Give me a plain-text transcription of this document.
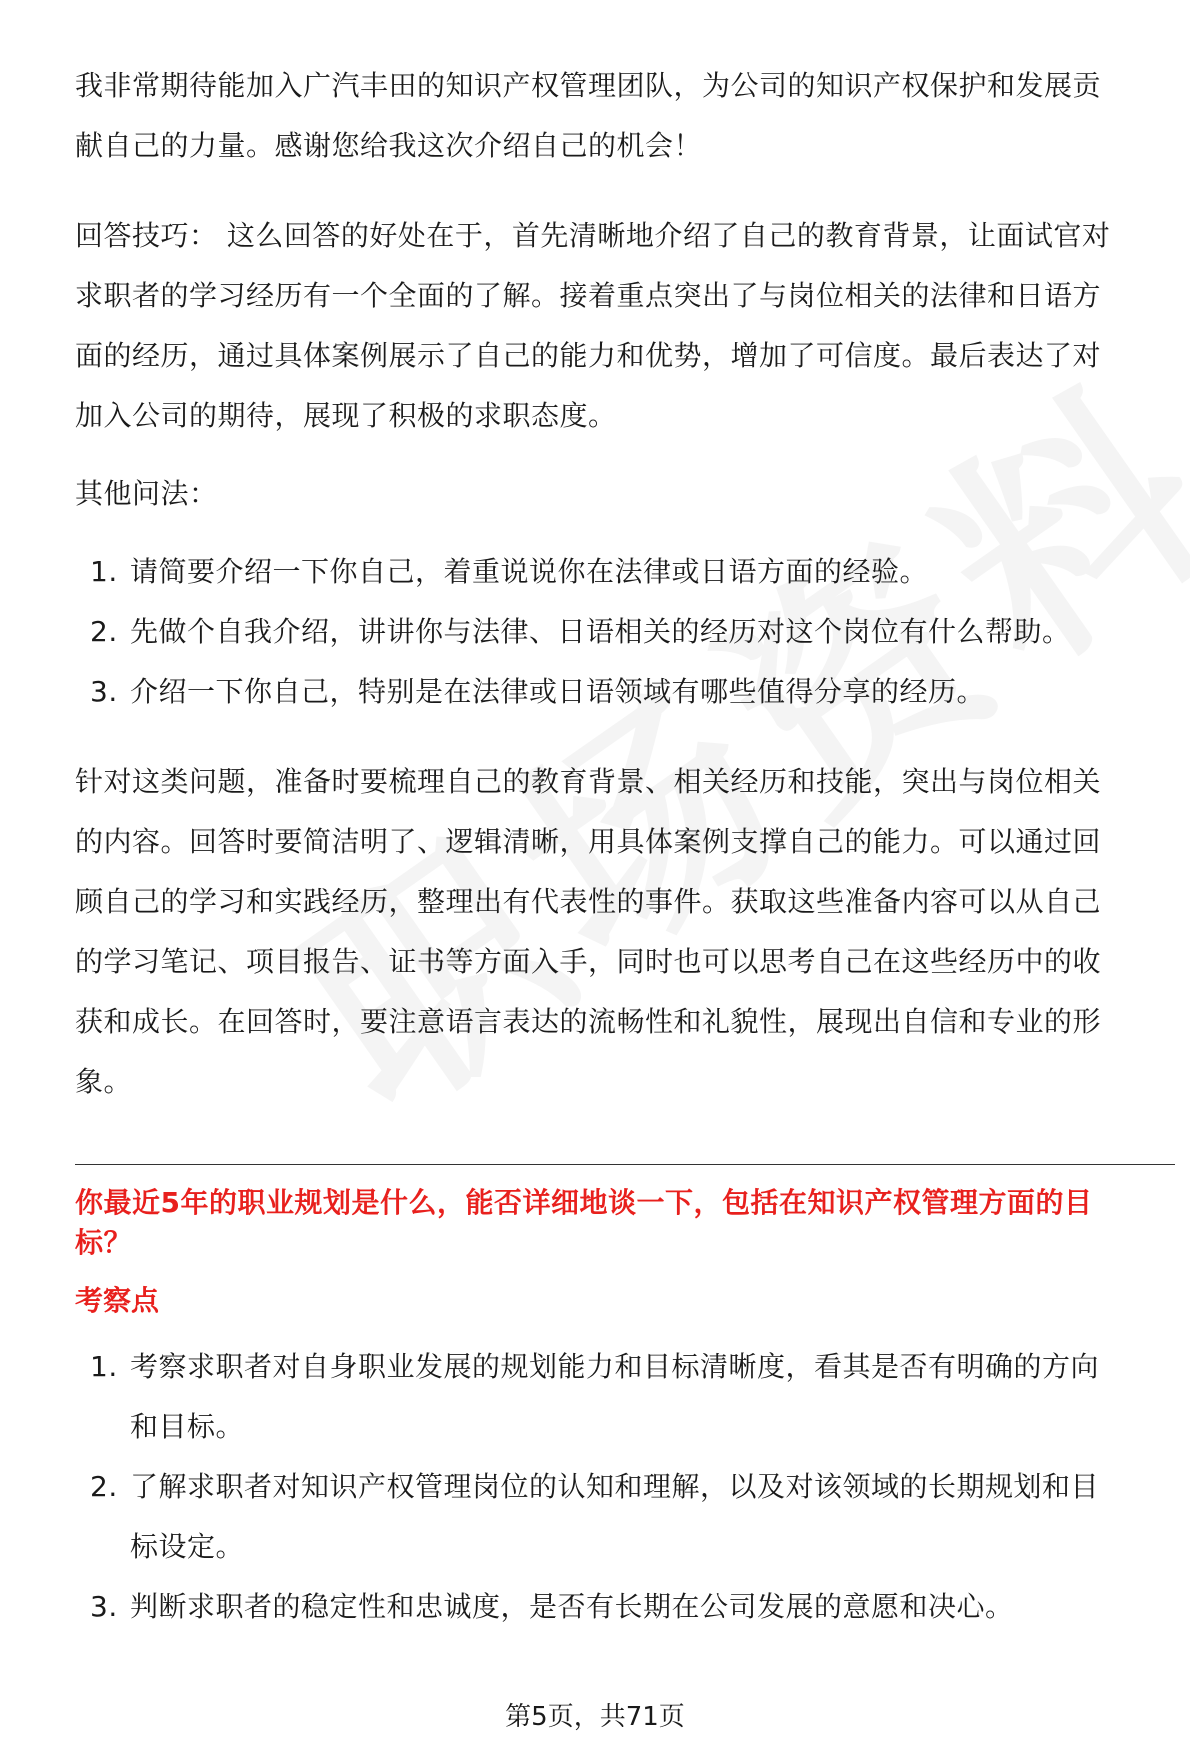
我非常期待能加入广汽丰田的知识产权管理团队，为公司的知识产权保护和发展贡

献自己的力量。感谢您给我这次介绍自己的机会！

回答技巧： 这么回答的好处在于，首先清晰地介绍了自己的教育背景，让面试官对

求职者的学习经历有一个全面的了解。接着重点突出了与岗位相关的法律和日语方

面的经历，通过具体案例展示了自己的能力和优势，增加了可信度。最后表达了对

加入公司的期待，展现了积极的求职态度。

其他问法：

1. 请简要介绍一下你自己，着重说说你在法律或日语方面的经验。
2. 先做个自我介绍，讲讲你与法律、日语相关的经历对这个岗位有什么帮助。
3. 介绍一下你自己，特别是在法律或日语领域有哪些值得分享的经历。

针对这类问题，准备时要梳理自己的教育背景、相关经历和技能，突出与岗位相关

的内容。回答时要简洁明了、逻辑清晰，用具体案例支撑自己的能力。可以通过回

顾自己的学习和实践经历，整理出有代表性的事件。获取这些准备内容可以从自己

的学习笔记、项目报告、证书等方面入手，同时也可以思考自己在这些经历中的收

获和成长。在回答时，要注意语言表达的流畅性和礼貌性，展现出自信和专业的形

象。

你最近5年的职业规划是什么，能否详细地谈一下，包括在知识产权管理方面的目

标？

考察点

1. 考察求职者对自身职业发展的规划能力和目标清晰度，看其是否有明确的方向
和目标。
2. 了解求职者对知识产权管理岗位的认知和理解，以及对该领域的长期规划和目
标设定。
3. 判断求职者的稳定性和忠诚度，是否有长期在公司发展的意愿和决心。
第5页，共71页
